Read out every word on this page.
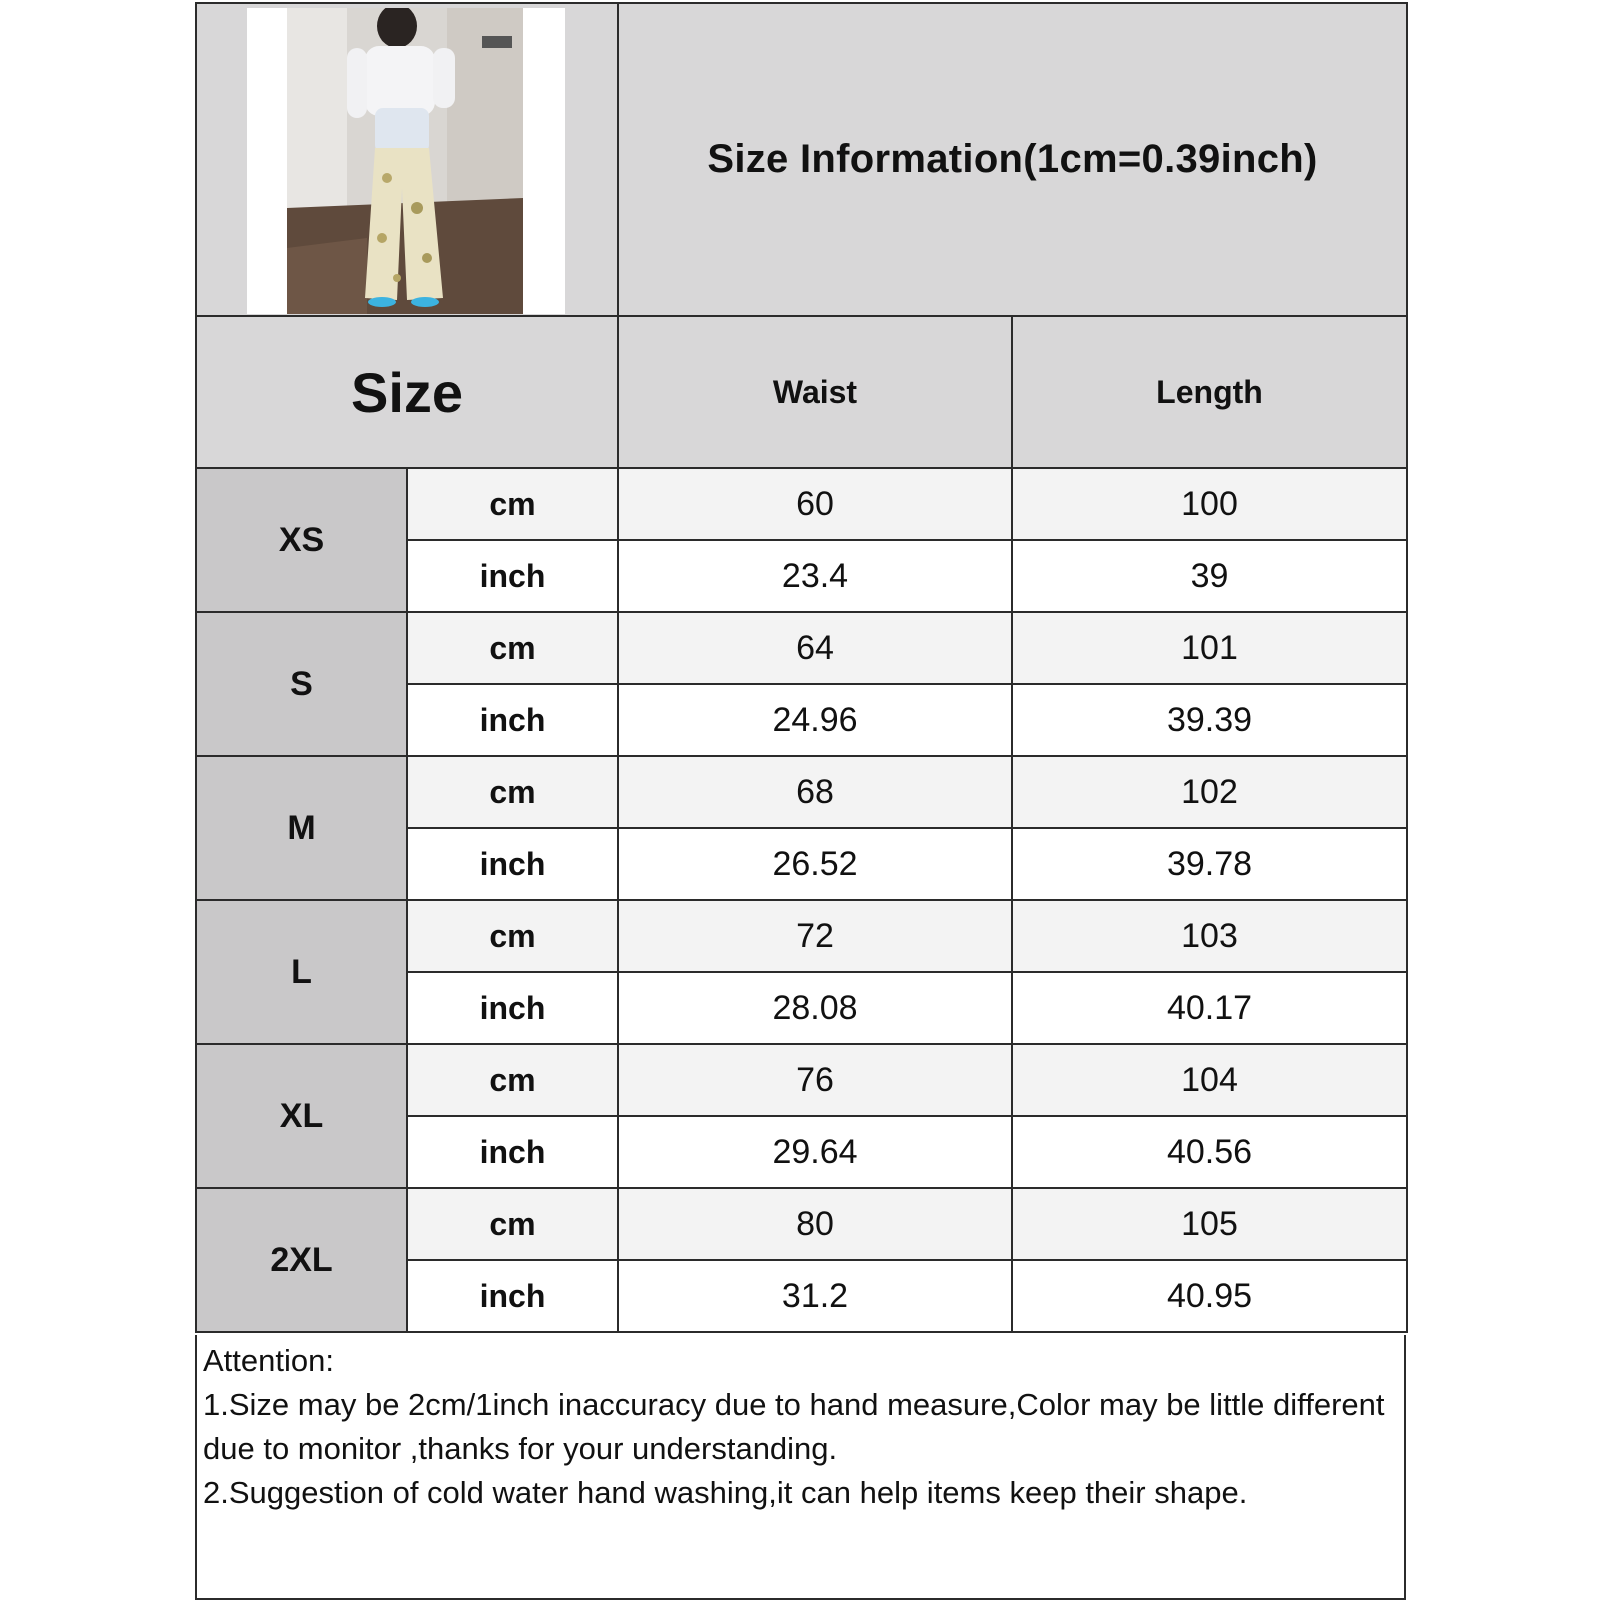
	Size Information(1cm=0.39inch)	
Size		Waist	Length
XS	cm	60	100
	inch	23.4	39
S	cm	64	101
	inch	24.96	39.39
M	cm	68	102
	inch	26.52	39.78
L	cm	72	103
	inch	28.08	40.17
XL	cm	76	104
	inch	29.64	40.56
2XL	cm	80	105
	inch	31.2	40.95
Attention:
1.Size may be 2cm/1inch inaccuracy due to hand measure,Color may be little different due to monitor ,thanks for your understanding.
2.Suggestion of cold water hand washing,it can help items keep their shape.
